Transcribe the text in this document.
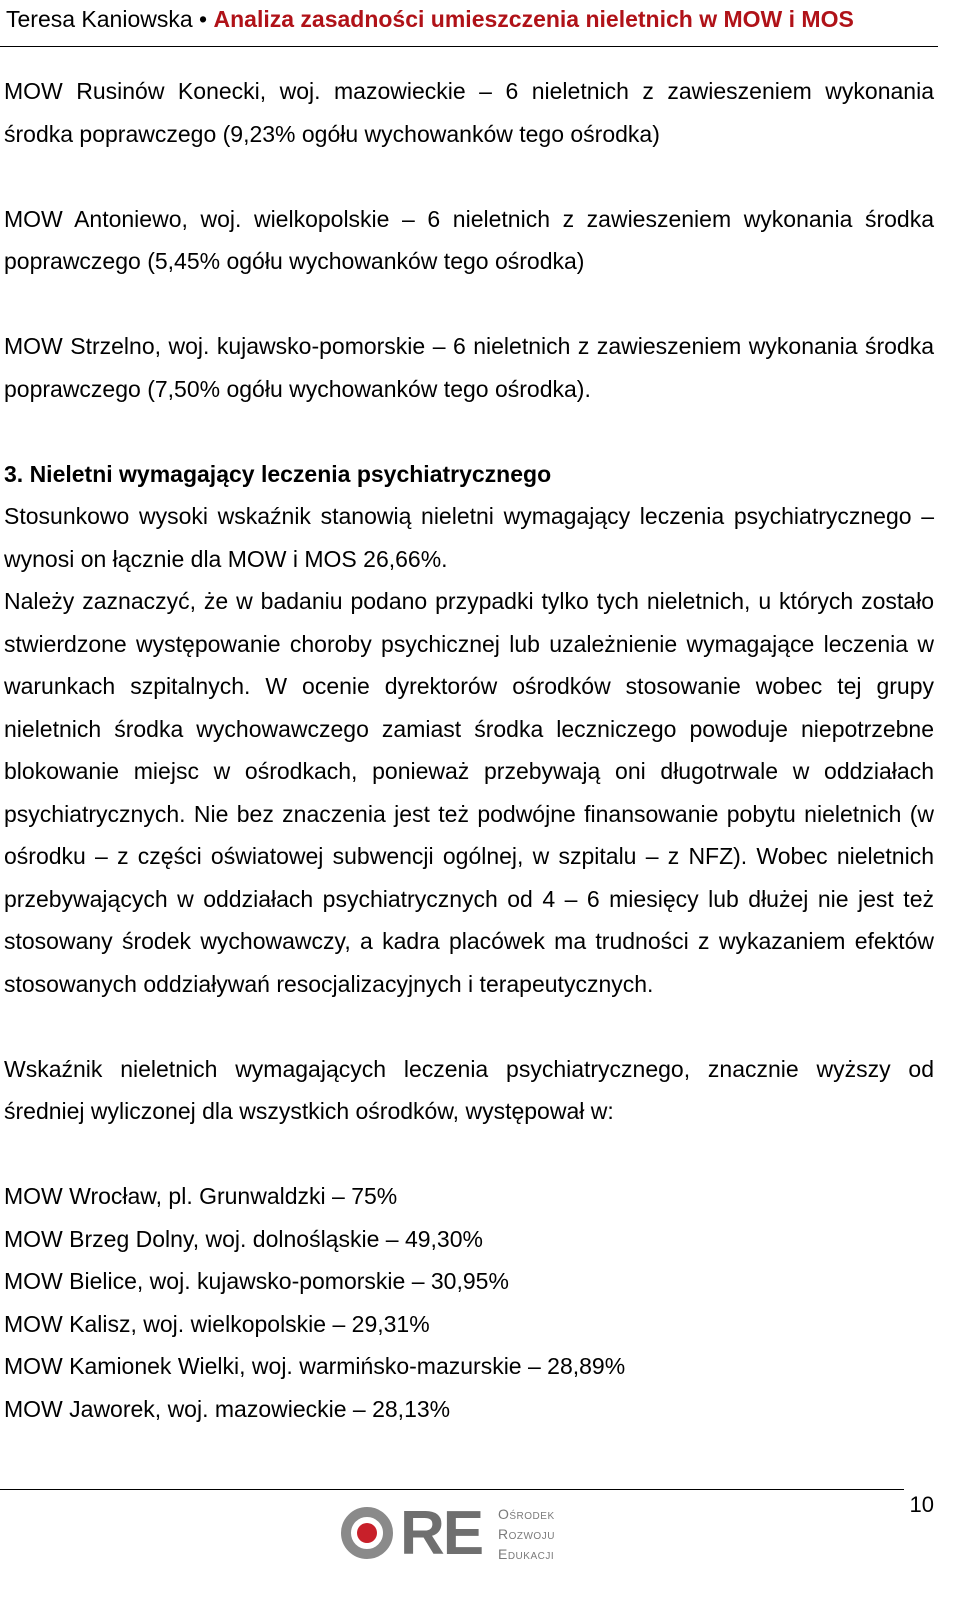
Teresa Kaniowska • Analiza zasadności umieszczenia nieletnich w MOW i MOS

MOW Rusinów Konecki, woj. mazowieckie – 6 nieletnich z zawieszeniem wykonania środka poprawczego (9,23% ogółu wychowanków tego ośrodka)

MOW Antoniewo, woj. wielkopolskie – 6 nieletnich z zawieszeniem wykonania środka poprawczego (5,45% ogółu wychowanków tego ośrodka)

MOW Strzelno, woj. kujawsko-pomorskie – 6 nieletnich z zawieszeniem wykonania środka poprawczego (7,50% ogółu wychowanków tego ośrodka).

3. Nieletni wymagający leczenia psychiatrycznego

Stosunkowo wysoki wskaźnik stanowią nieletni wymagający leczenia psychiatrycznego – wynosi on łącznie dla MOW i MOS 26,66%.

Należy zaznaczyć, że w badaniu podano przypadki tylko tych nieletnich, u których zostało stwierdzone występowanie choroby psychicznej lub uzależnienie wymagające leczenia w warunkach szpitalnych. W ocenie dyrektorów ośrodków stosowanie wobec tej grupy nieletnich środka wychowawczego zamiast środka leczniczego powoduje niepotrzebne blokowanie miejsc w ośrodkach, ponieważ przebywają oni długotrwale w oddziałach psychiatrycznych. Nie bez znaczenia jest też podwójne finansowanie pobytu nieletnich (w ośrodku – z części oświatowej subwencji ogólnej, w szpitalu – z NFZ). Wobec nieletnich przebywających w oddziałach psychiatrycznych od 4 – 6 miesięcy lub dłużej nie jest też stosowany środek wychowawczy, a kadra placówek ma trudności z wykazaniem efektów stosowanych oddziaływań resocjalizacyjnych i terapeutycznych.

Wskaźnik nieletnich wymagających leczenia psychiatrycznego, znacznie wyższy od średniej wyliczonej dla wszystkich ośrodków, występował w:

MOW Wrocław, pl. Grunwaldzki – 75%

MOW Brzeg Dolny, woj. dolnośląskie – 49,30%

MOW Bielice, woj. kujawsko-pomorskie – 30,95%

MOW Kalisz, woj. wielkopolskie – 29,31%

MOW Kamionek Wielki, woj. warmińsko-mazurskie – 28,89%

MOW Jaworek, woj. mazowieckie – 28,13%

10
RE Ośrodek
Rozwoju
Edukacji
